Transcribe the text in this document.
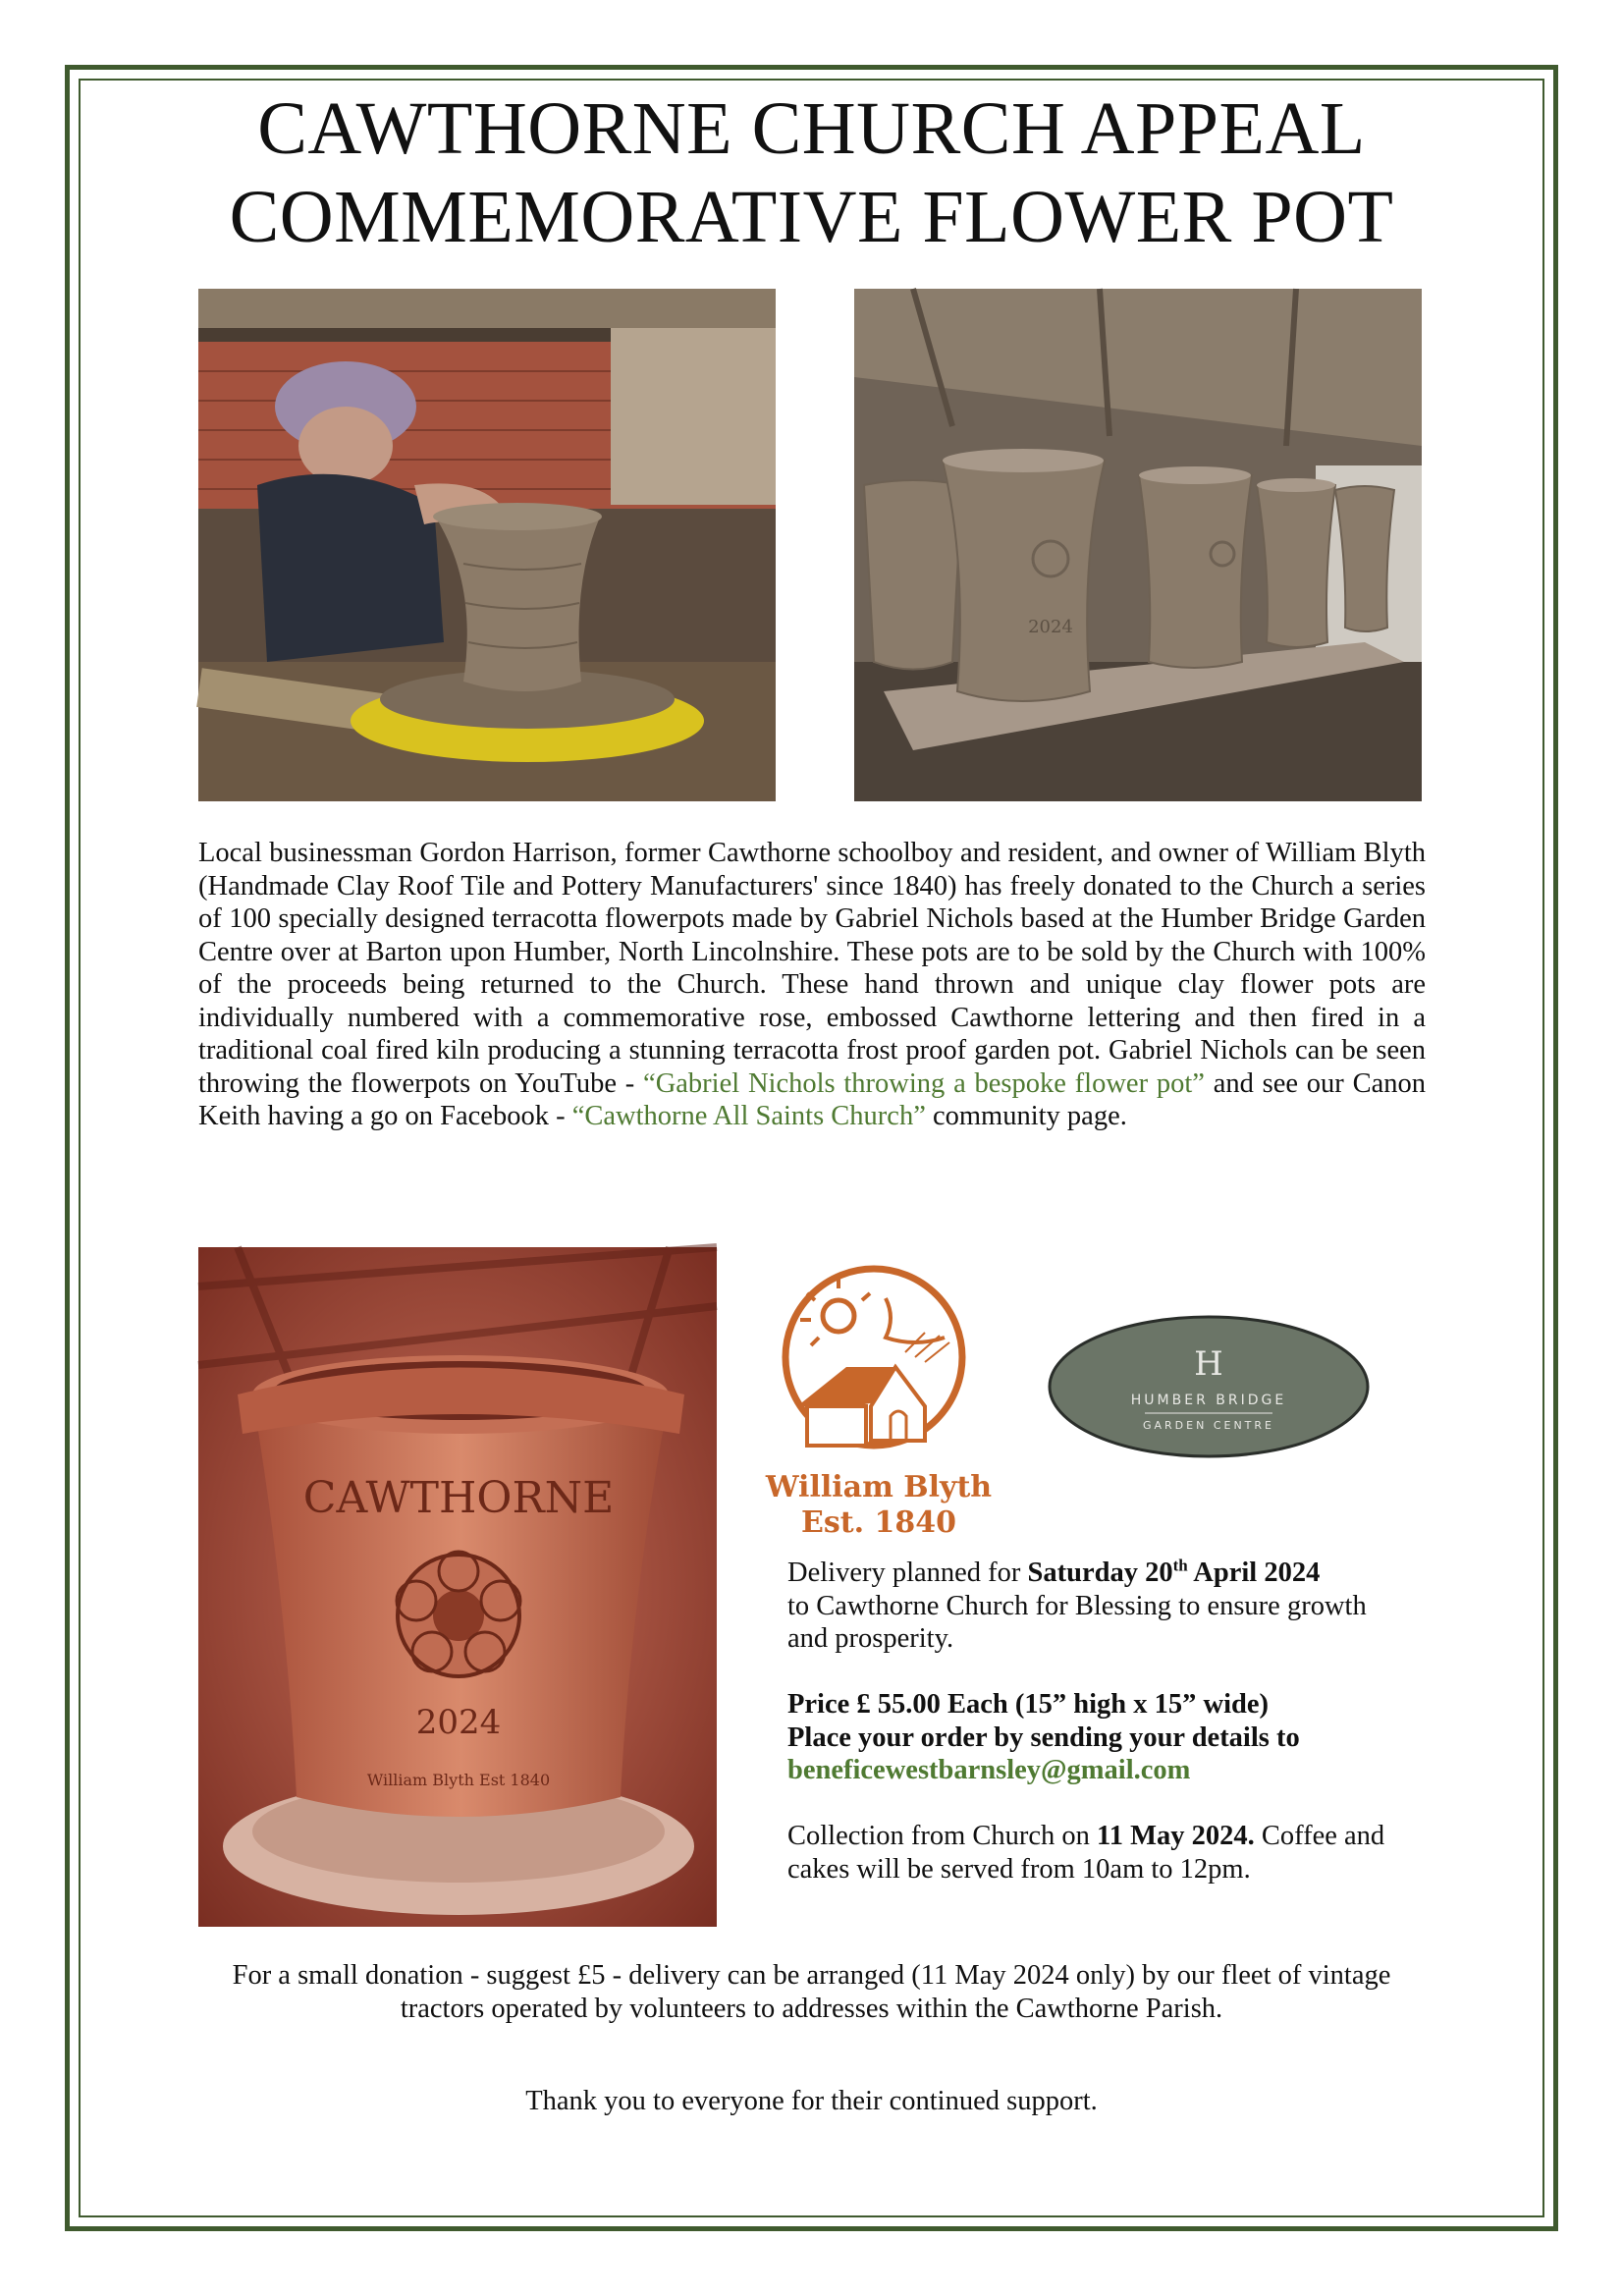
CAWTHORNE CHURCH APPEAL
COMMEMORATIVE FLOWER POT
2024
Local businessman Gordon Harrison, former Cawthorne schoolboy and resident, and owner of William Blyth (Handmade Clay Roof Tile and Pottery Manufacturers' since 1840) has freely donated to the Church a series of 100 specially designed terracotta flowerpots made by Gabriel Nichols based at the Humber Bridge Garden Centre over at Barton upon Humber, North Lincolnshire. These pots are to be sold by the Church with 100% of the proceeds being returned to the Church. These hand thrown and unique clay flower pots are individually numbered with a commemorative rose, embossed Cawthorne lettering and then fired in a traditional coal fired kiln producing a stunning terracotta frost proof garden pot. Gabriel Nichols can be seen throwing the flowerpots on YouTube - “Gabriel Nichols throwing a bespoke flower pot” and see our Canon Keith having a go on Facebook - “Cawthorne All Saints Church” community page.
CAWTHORNE
2024
William Blyth Est 1840
William Blyth
Est. 1840
H
HUMBER BRIDGE
GARDEN CENTRE

Delivery planned for Saturday 20th April 2024
to Cawthorne Church for Blessing to ensure growth and prosperity.

Price £ 55.00 Each (15” high x 15” wide)
Place your order by sending your details to
beneficewestbarnsley@gmail.com

Collection from Church on 11 May 2024. Coffee and cakes will be served from 10am to 12pm.

For a small donation - suggest £5 - delivery can be arranged (11 May 2024 only) by our fleet of vintage tractors operated by volunteers to addresses within the Cawthorne Parish.
Thank you to everyone for their continued support.
